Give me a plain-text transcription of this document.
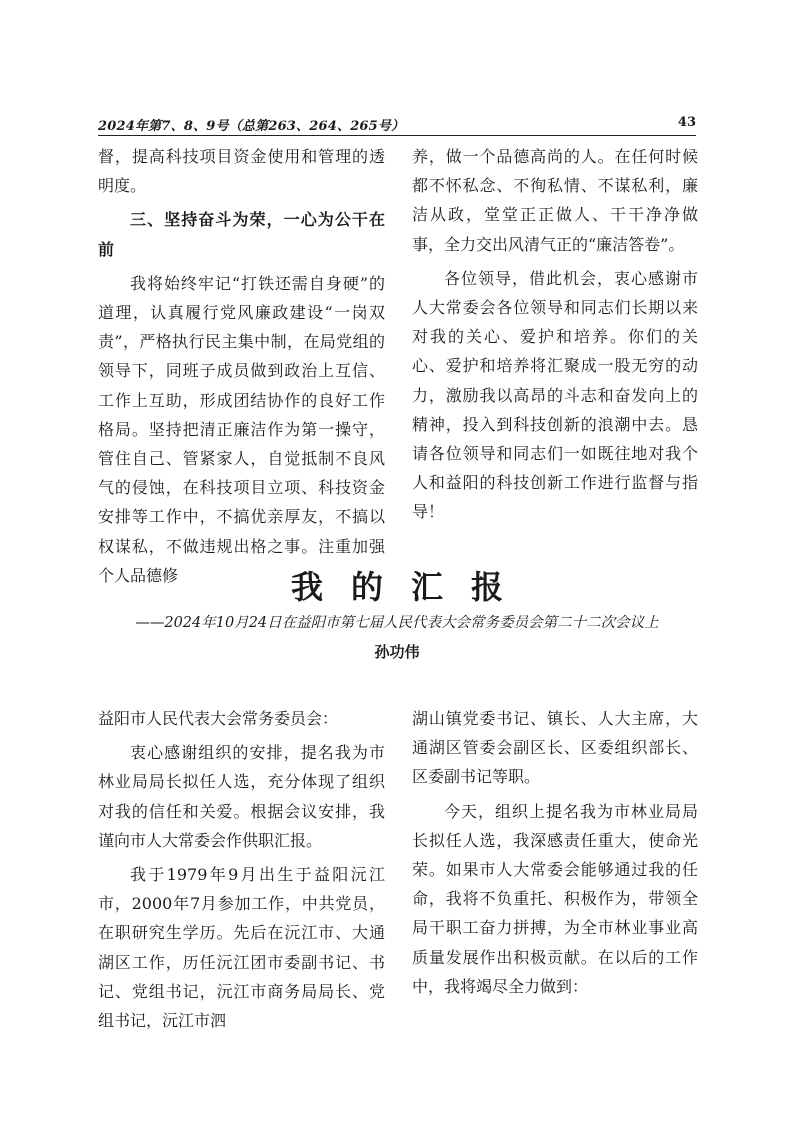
2024年第7、8、9号（总第263、264、265号）	43

督，提高科技项目资金使用和管理的透明度。

三、坚持奋斗为荣，一心为公干在前

我将始终牢记“打铁还需自身硬”的道理，认真履行党风廉政建设“一岗双责”，严格执行民主集中制，在局党组的领导下，同班子成员做到政治上互信、工作上互助，形成团结协作的良好工作格局。坚持把清正廉洁作为第一操守，管住自己、管紧家人，自觉抵制不良风气的侵蚀，在科技项目立项、科技资金安排等工作中，不搞优亲厚友，不搞以权谋私，不做违规出格之事。注重加强个人品德修

养，做一个品德高尚的人。在任何时候都不怀私念、不徇私情、不谋私利，廉洁从政，堂堂正正做人、干干净净做事，全力交出风清气正的“廉洁答卷”。

各位领导，借此机会，衷心感谢市人大常委会各位领导和同志们长期以来对我的关心、爱护和培养。你们的关心、爱护和培养将汇聚成一股无穷的动力，激励我以高昂的斗志和奋发向上的精神，投入到科技创新的浪潮中去。恳请各位领导和同志们一如既往地对我个人和益阳的科技创新工作进行监督与指导！

我的汇报
——2024年10月24日在益阳市第七届人民代表大会常务委员会第二十二次会议上
孙功伟

益阳市人民代表大会常务委员会：

衷心感谢组织的安排，提名我为市林业局局长拟任人选，充分体现了组织对我的信任和关爱。根据会议安排，我谨向市人大常委会作供职汇报。

我于1979年9月出生于益阳沅江市，2000年7月参加工作，中共党员，在职研究生学历。先后在沅江市、大通湖区工作，历任沅江团市委副书记、书记、党组书记，沅江市商务局局长、党组书记，沅江市泗

湖山镇党委书记、镇长、人大主席，大通湖区管委会副区长、区委组织部长、区委副书记等职。

今天，组织上提名我为市林业局局长拟任人选，我深感责任重大，使命光荣。如果市人大常委会能够通过我的任命，我将不负重托、积极作为，带领全局干职工奋力拼搏，为全市林业事业高质量发展作出积极贡献。在以后的工作中，我将竭尽全力做到：
